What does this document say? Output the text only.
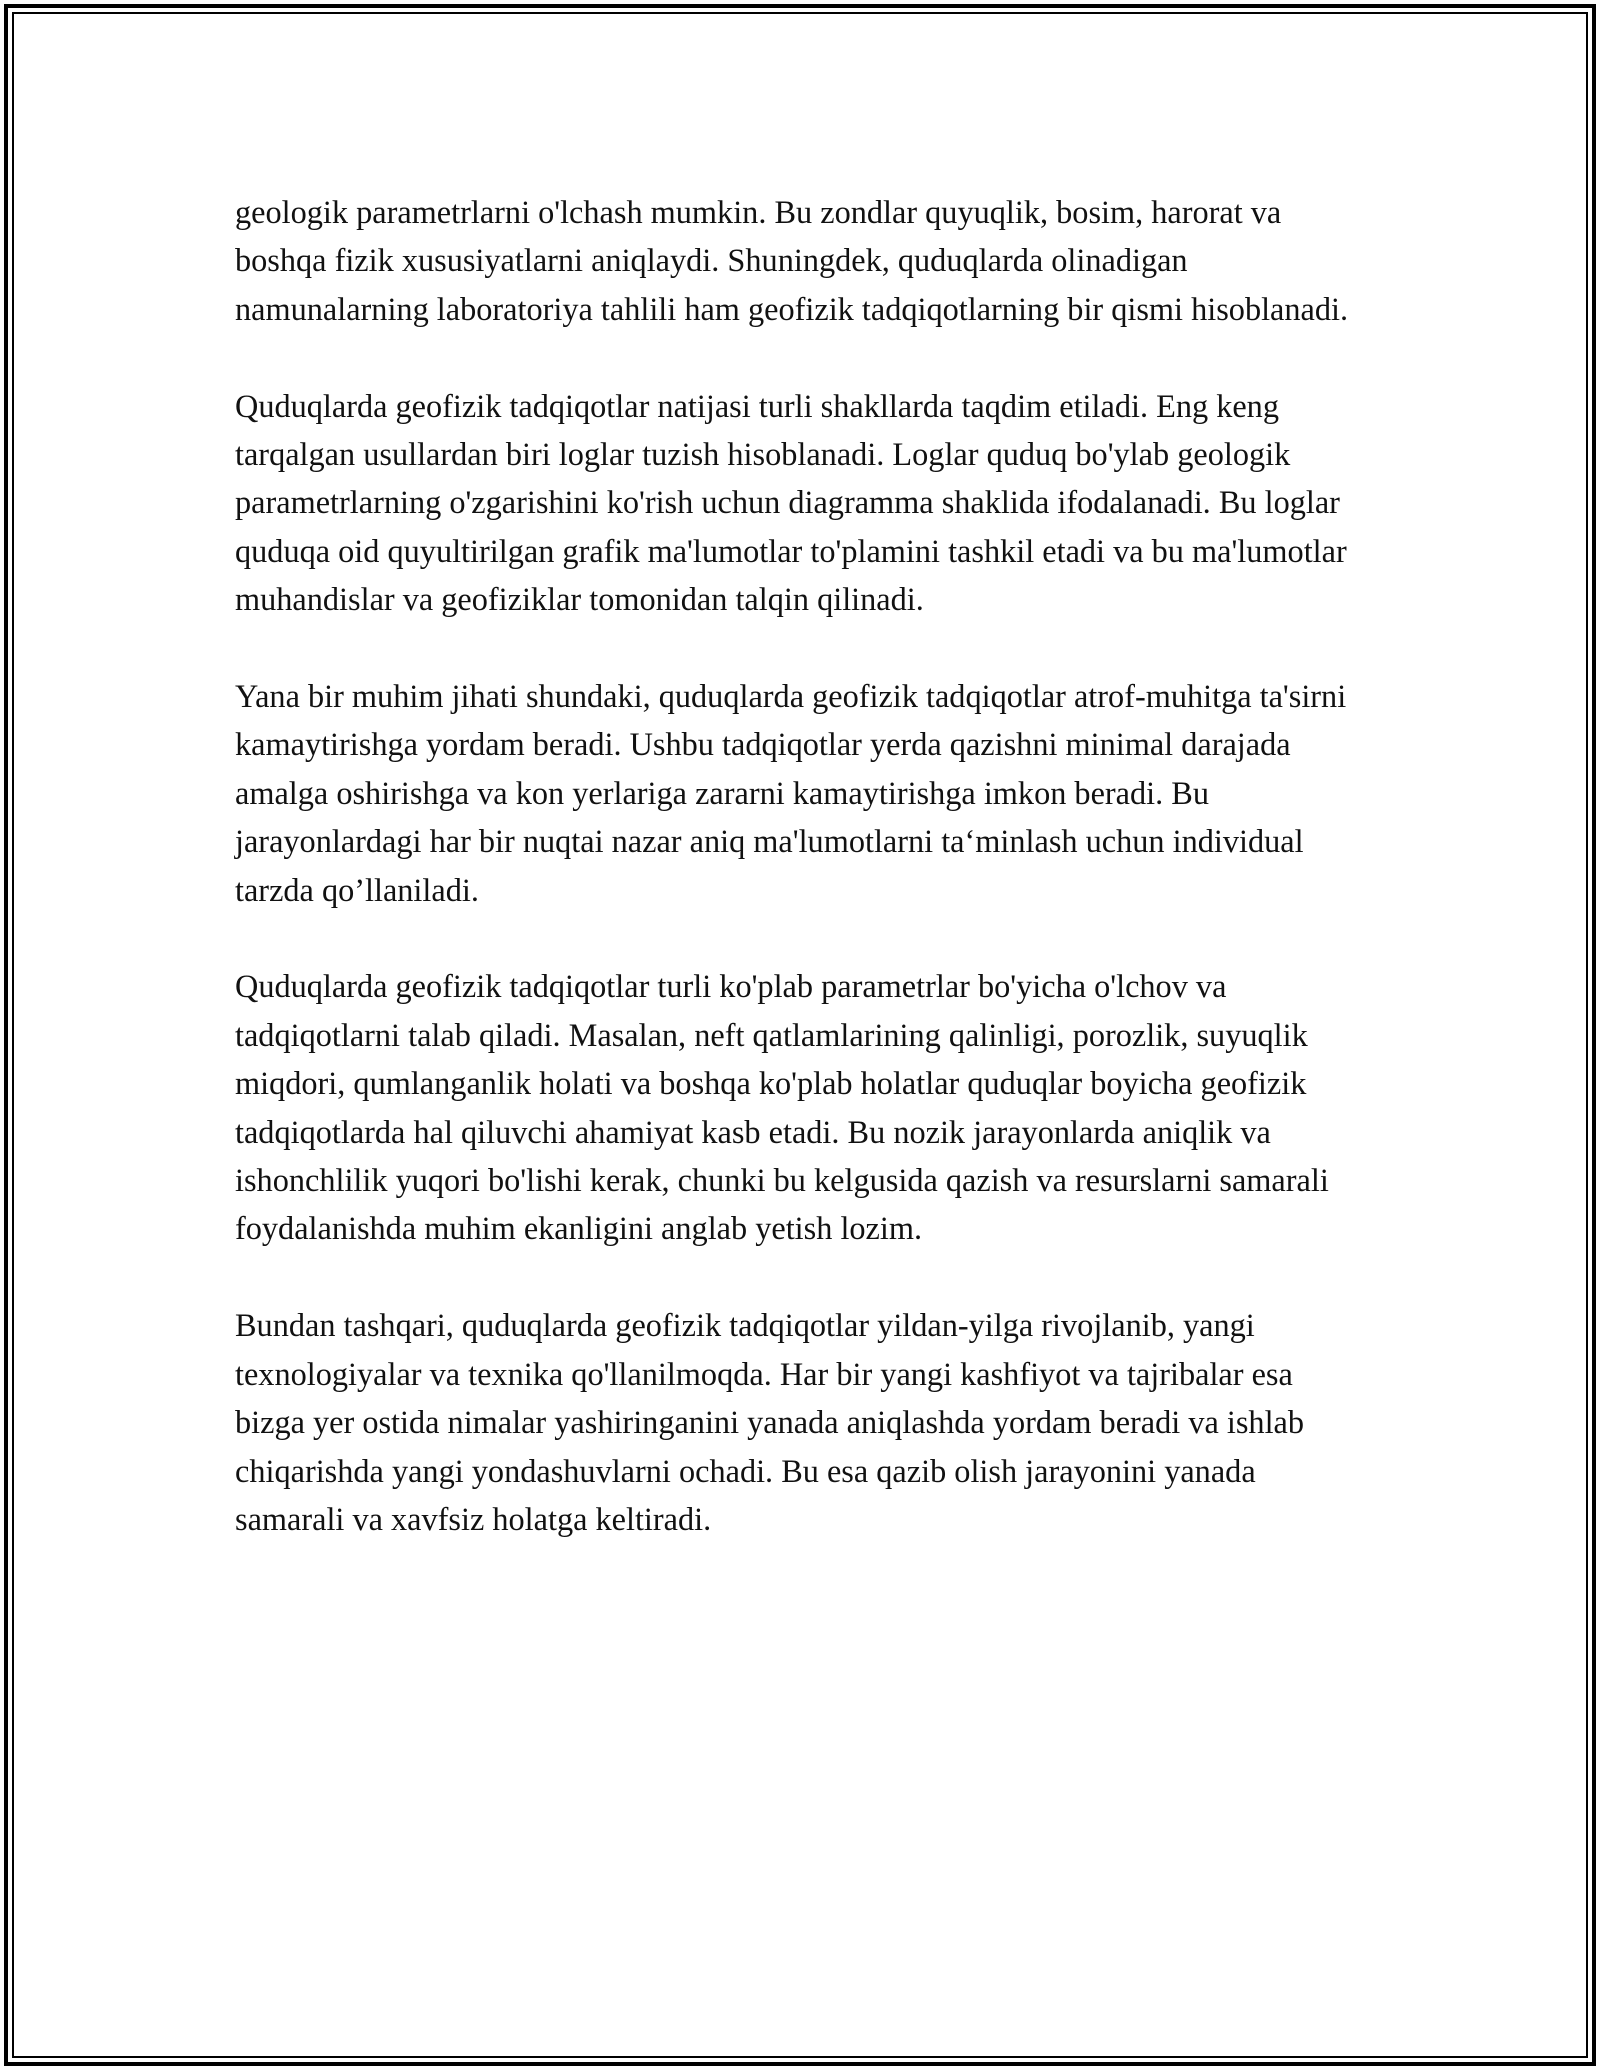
geologik parametrlarni o'lchash mumkin. Bu zondlar quyuqlik, bosim, harorat va boshqa fizik xususiyatlarni aniqlaydi. Shuningdek, quduqlarda olinadigan namunalarning laboratoriya tahlili ham geofizik tadqiqotlarning bir qismi hisoblanadi.

Quduqlarda geofizik tadqiqotlar natijasi turli shakllarda taqdim etiladi. Eng keng tarqalgan usullardan biri loglar tuzish hisoblanadi. Loglar quduq bo'ylab geologik parametrlarning o'zgarishini ko'rish uchun diagramma shaklida ifodalanadi. Bu loglar quduqa oid quyultirilgan grafik ma'lumotlar to'plamini tashkil etadi va bu ma'lumotlar muhandislar va geofiziklar tomonidan talqin qilinadi.

Yana bir muhim jihati shundaki, quduqlarda geofizik tadqiqotlar atrof-muhitga ta'sirni kamaytirishga yordam beradi. Ushbu tadqiqotlar yerda qazishni minimal darajada amalga oshirishga va kon yerlariga zararni kamaytirishga imkon beradi. Bu jarayonlardagi har bir nuqtai nazar aniq ma'lumotlarni ta‘minlash uchun individual tarzda qo’llaniladi.

Quduqlarda geofizik tadqiqotlar turli ko'plab parametrlar bo'yicha o'lchov va tadqiqotlarni talab qiladi. Masalan, neft qatlamlarining qalinligi, porozlik, suyuqlik miqdori, qumlanganlik holati va boshqa ko'plab holatlar quduqlar boyicha geofizik tadqiqotlarda hal qiluvchi ahamiyat kasb etadi. Bu nozik jarayonlarda aniqlik va ishonchlilik yuqori bo'lishi kerak, chunki bu kelgusida qazish va resurslarni samarali foydalanishda muhim ekanligini anglab yetish lozim.

Bundan tashqari, quduqlarda geofizik tadqiqotlar yildan-yilga rivojlanib, yangi texnologiyalar va texnika qo'llanilmoqda. Har bir yangi kashfiyot va tajribalar esa bizga yer ostida nimalar yashiringanini yanada aniqlashda yordam beradi va ishlab chiqarishda yangi yondashuvlarni ochadi. Bu esa qazib olish jarayonini yanada samarali va xavfsiz holatga keltiradi.
